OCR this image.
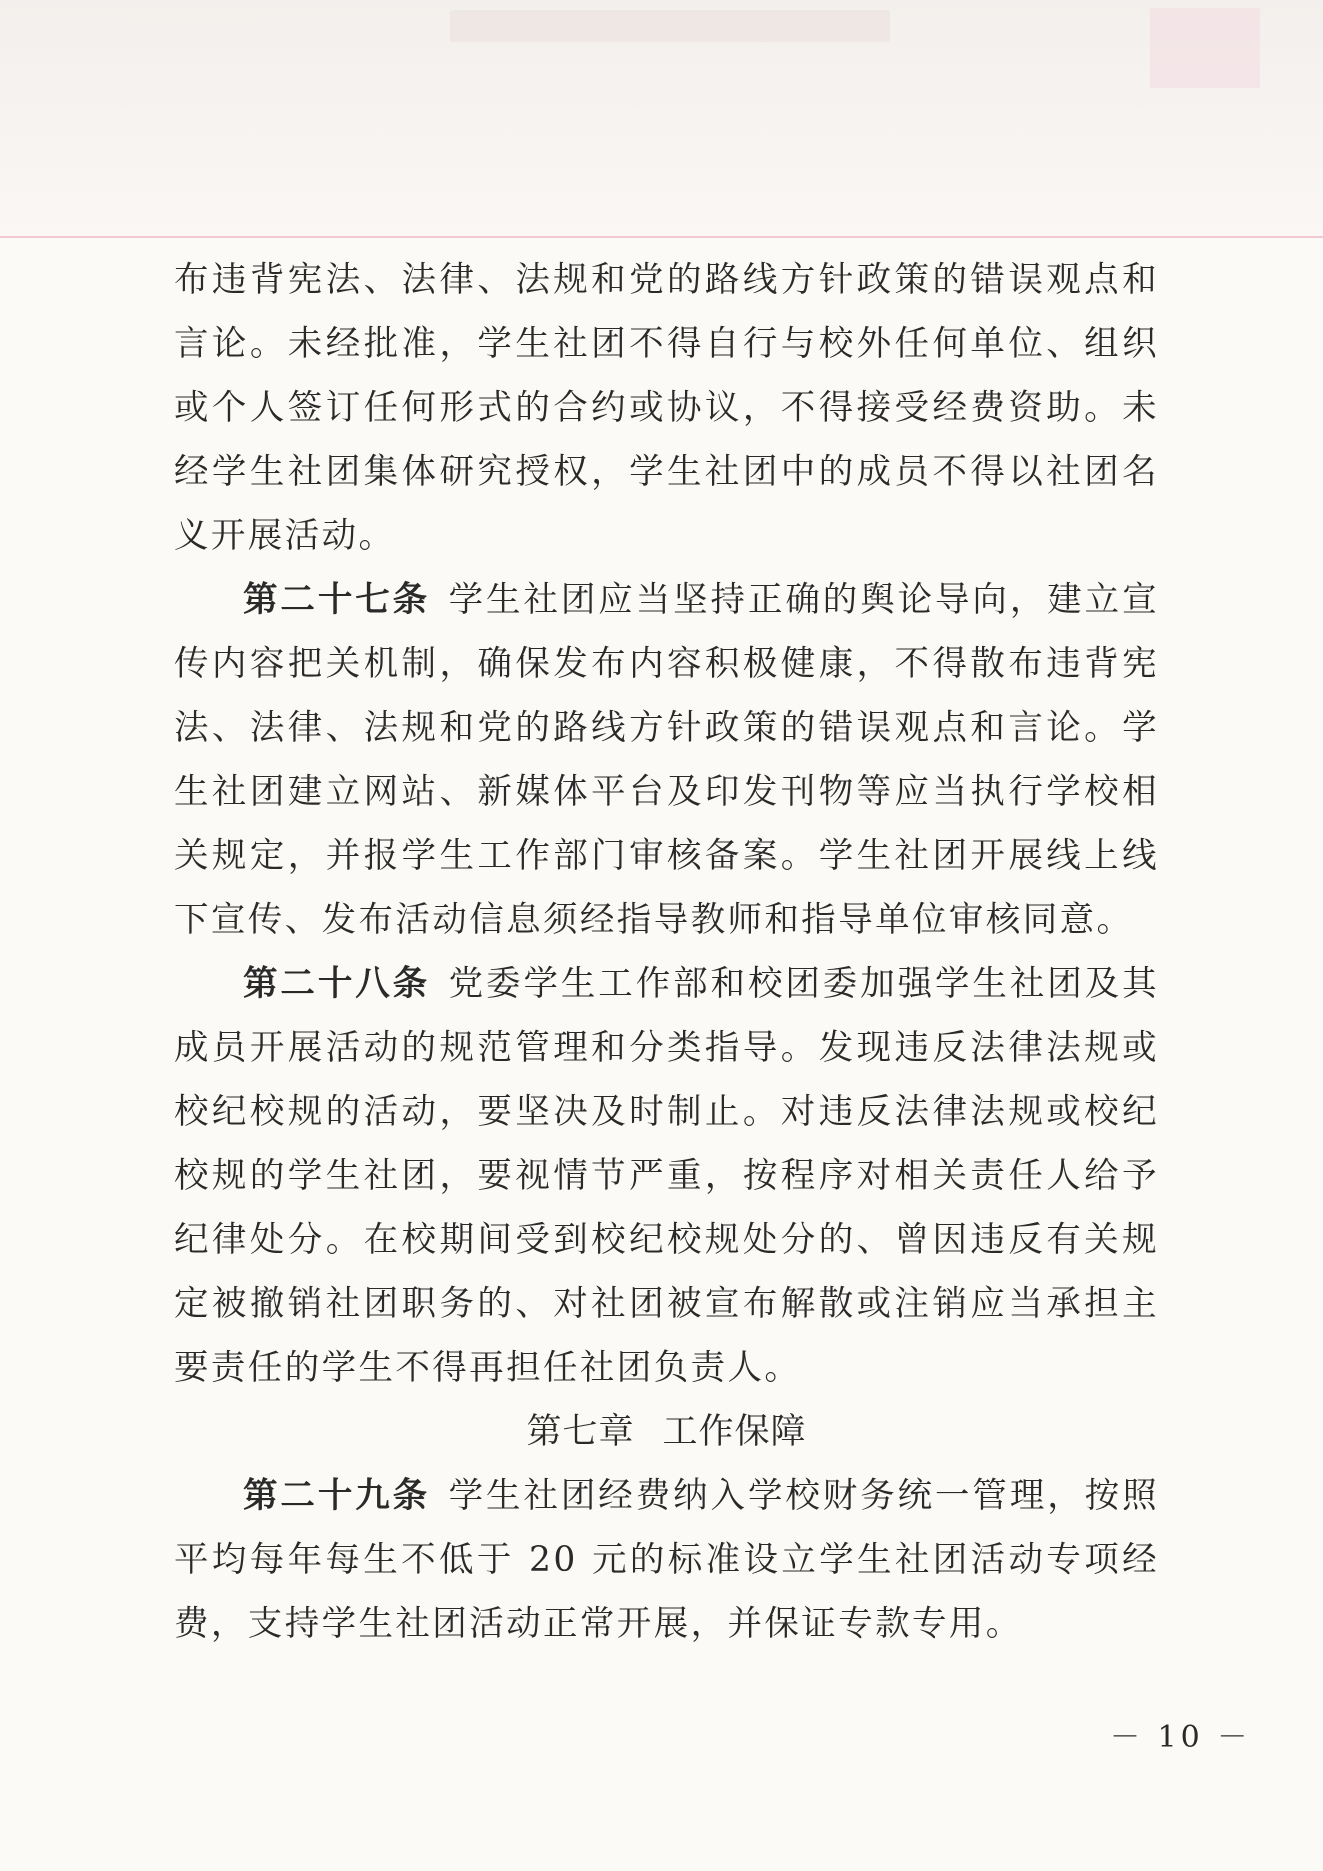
布违背宪法、法律、法规和党的路线方针政策的错误观点和言论。未经批准，学生社团不得自行与校外任何单位、组织或个人签订任何形式的合约或协议，不得接受经费资助。未经学生社团集体研究授权，学生社团中的成员不得以社团名义开展活动。

第二十七条 学生社团应当坚持正确的舆论导向，建立宣传内容把关机制，确保发布内容积极健康，不得散布违背宪法、法律、法规和党的路线方针政策的错误观点和言论。学生社团建立网站、新媒体平台及印发刊物等应当执行学校相关规定，并报学生工作部门审核备案。学生社团开展线上线下宣传、发布活动信息须经指导教师和指导单位审核同意。

第二十八条 党委学生工作部和校团委加强学生社团及其成员开展活动的规范管理和分类指导。发现违反法律法规或校纪校规的活动，要坚决及时制止。对违反法律法规或校纪校规的学生社团，要视情节严重，按程序对相关责任人给予纪律处分。在校期间受到校纪校规处分的、曾因违反有关规定被撤销社团职务的、对社团被宣布解散或注销应当承担主要责任的学生不得再担任社团负责人。

第七章 工作保障

第二十九条 学生社团经费纳入学校财务统一管理，按照平均每年每生不低于 20 元的标准设立学生社团活动专项经费，支持学生社团活动正常开展，并保证专款专用。

－ 10 －
